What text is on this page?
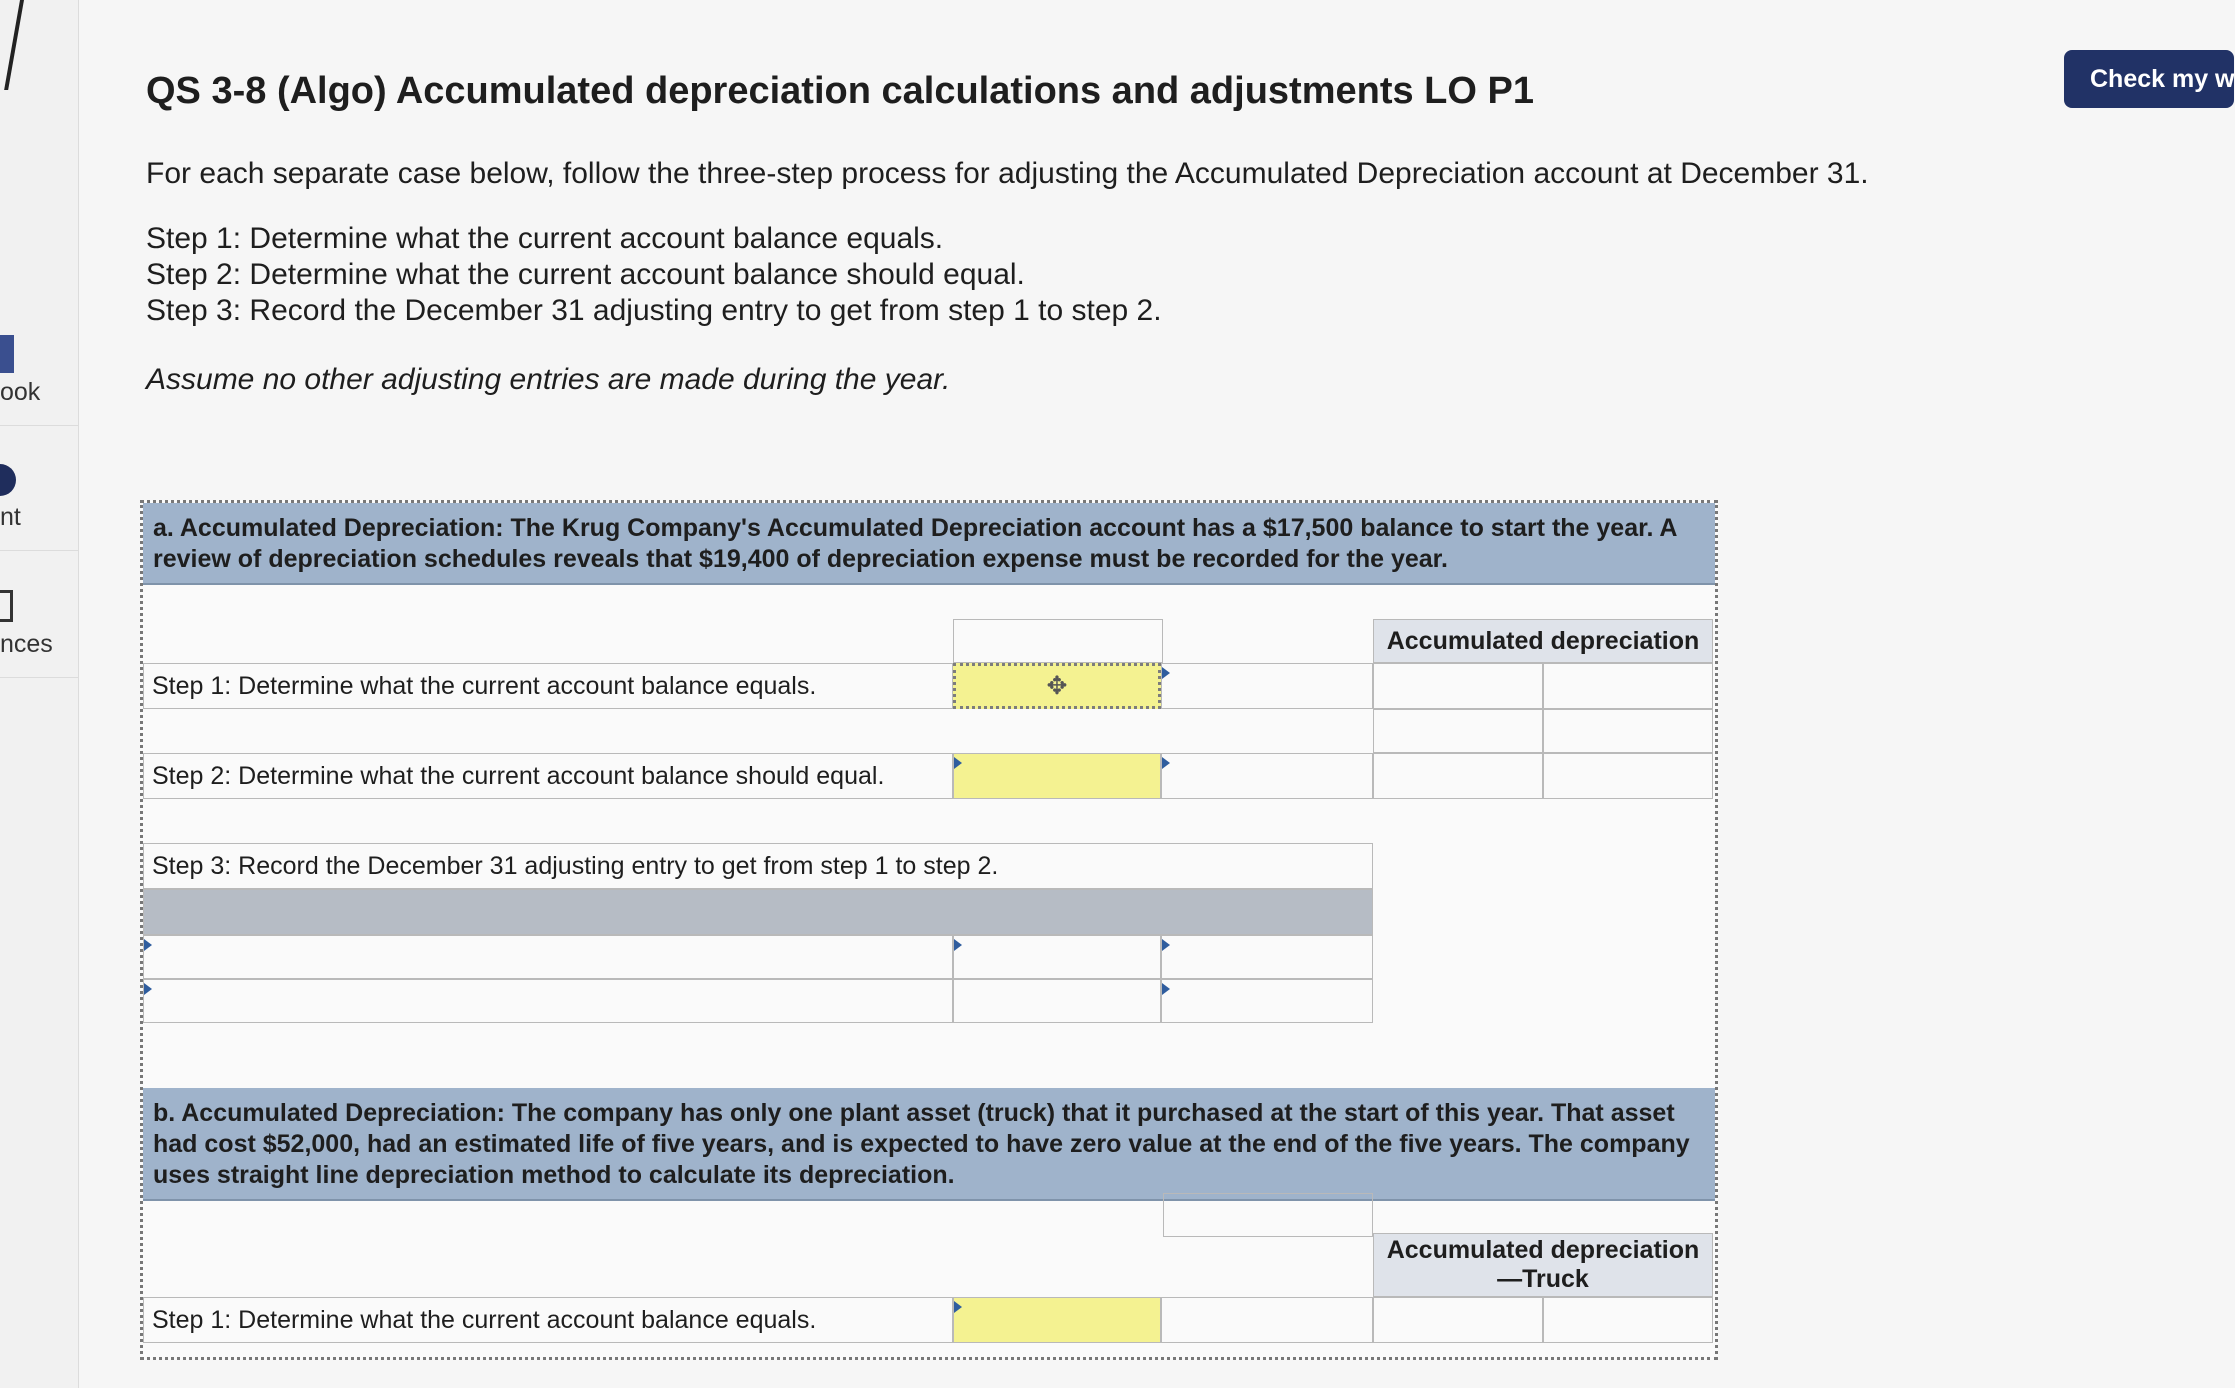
ook
nt
nces
Check my w
QS 3-8 (Algo) Accumulated depreciation calculations and adjustments LO P1
For each separate case below, follow the three-step process for adjusting the Accumulated Depreciation account at December 31.
Step 1: Determine what the current account balance equals.
Step 2: Determine what the current account balance should equal.
Step 3: Record the December 31 adjusting entry to get from step 1 to step 2.
Assume no other adjusting entries are made during the year.
a. Accumulated Depreciation: The Krug Company's Accumulated Depreciation account has a $17,500 balance to start the year. A review of depreciation schedules reveals that $19,400 of depreciation expense must be recorded for the year.
Accumulated depreciation
Step 1: Determine what the current account balance equals.	✥
Step 2: Determine what the current account balance should equal.
Step 3: Record the December 31 adjusting entry to get from step 1 to step 2.
b. Accumulated Depreciation: The company has only one plant asset (truck) that it purchased at the start of this year. That asset had cost $52,000, had an estimated life of five years, and is expected to have zero value at the end of the five years. The company uses straight line depreciation method to calculate its depreciation.
Accumulated depreciation
—Truck
Step 1: Determine what the current account balance equals.
